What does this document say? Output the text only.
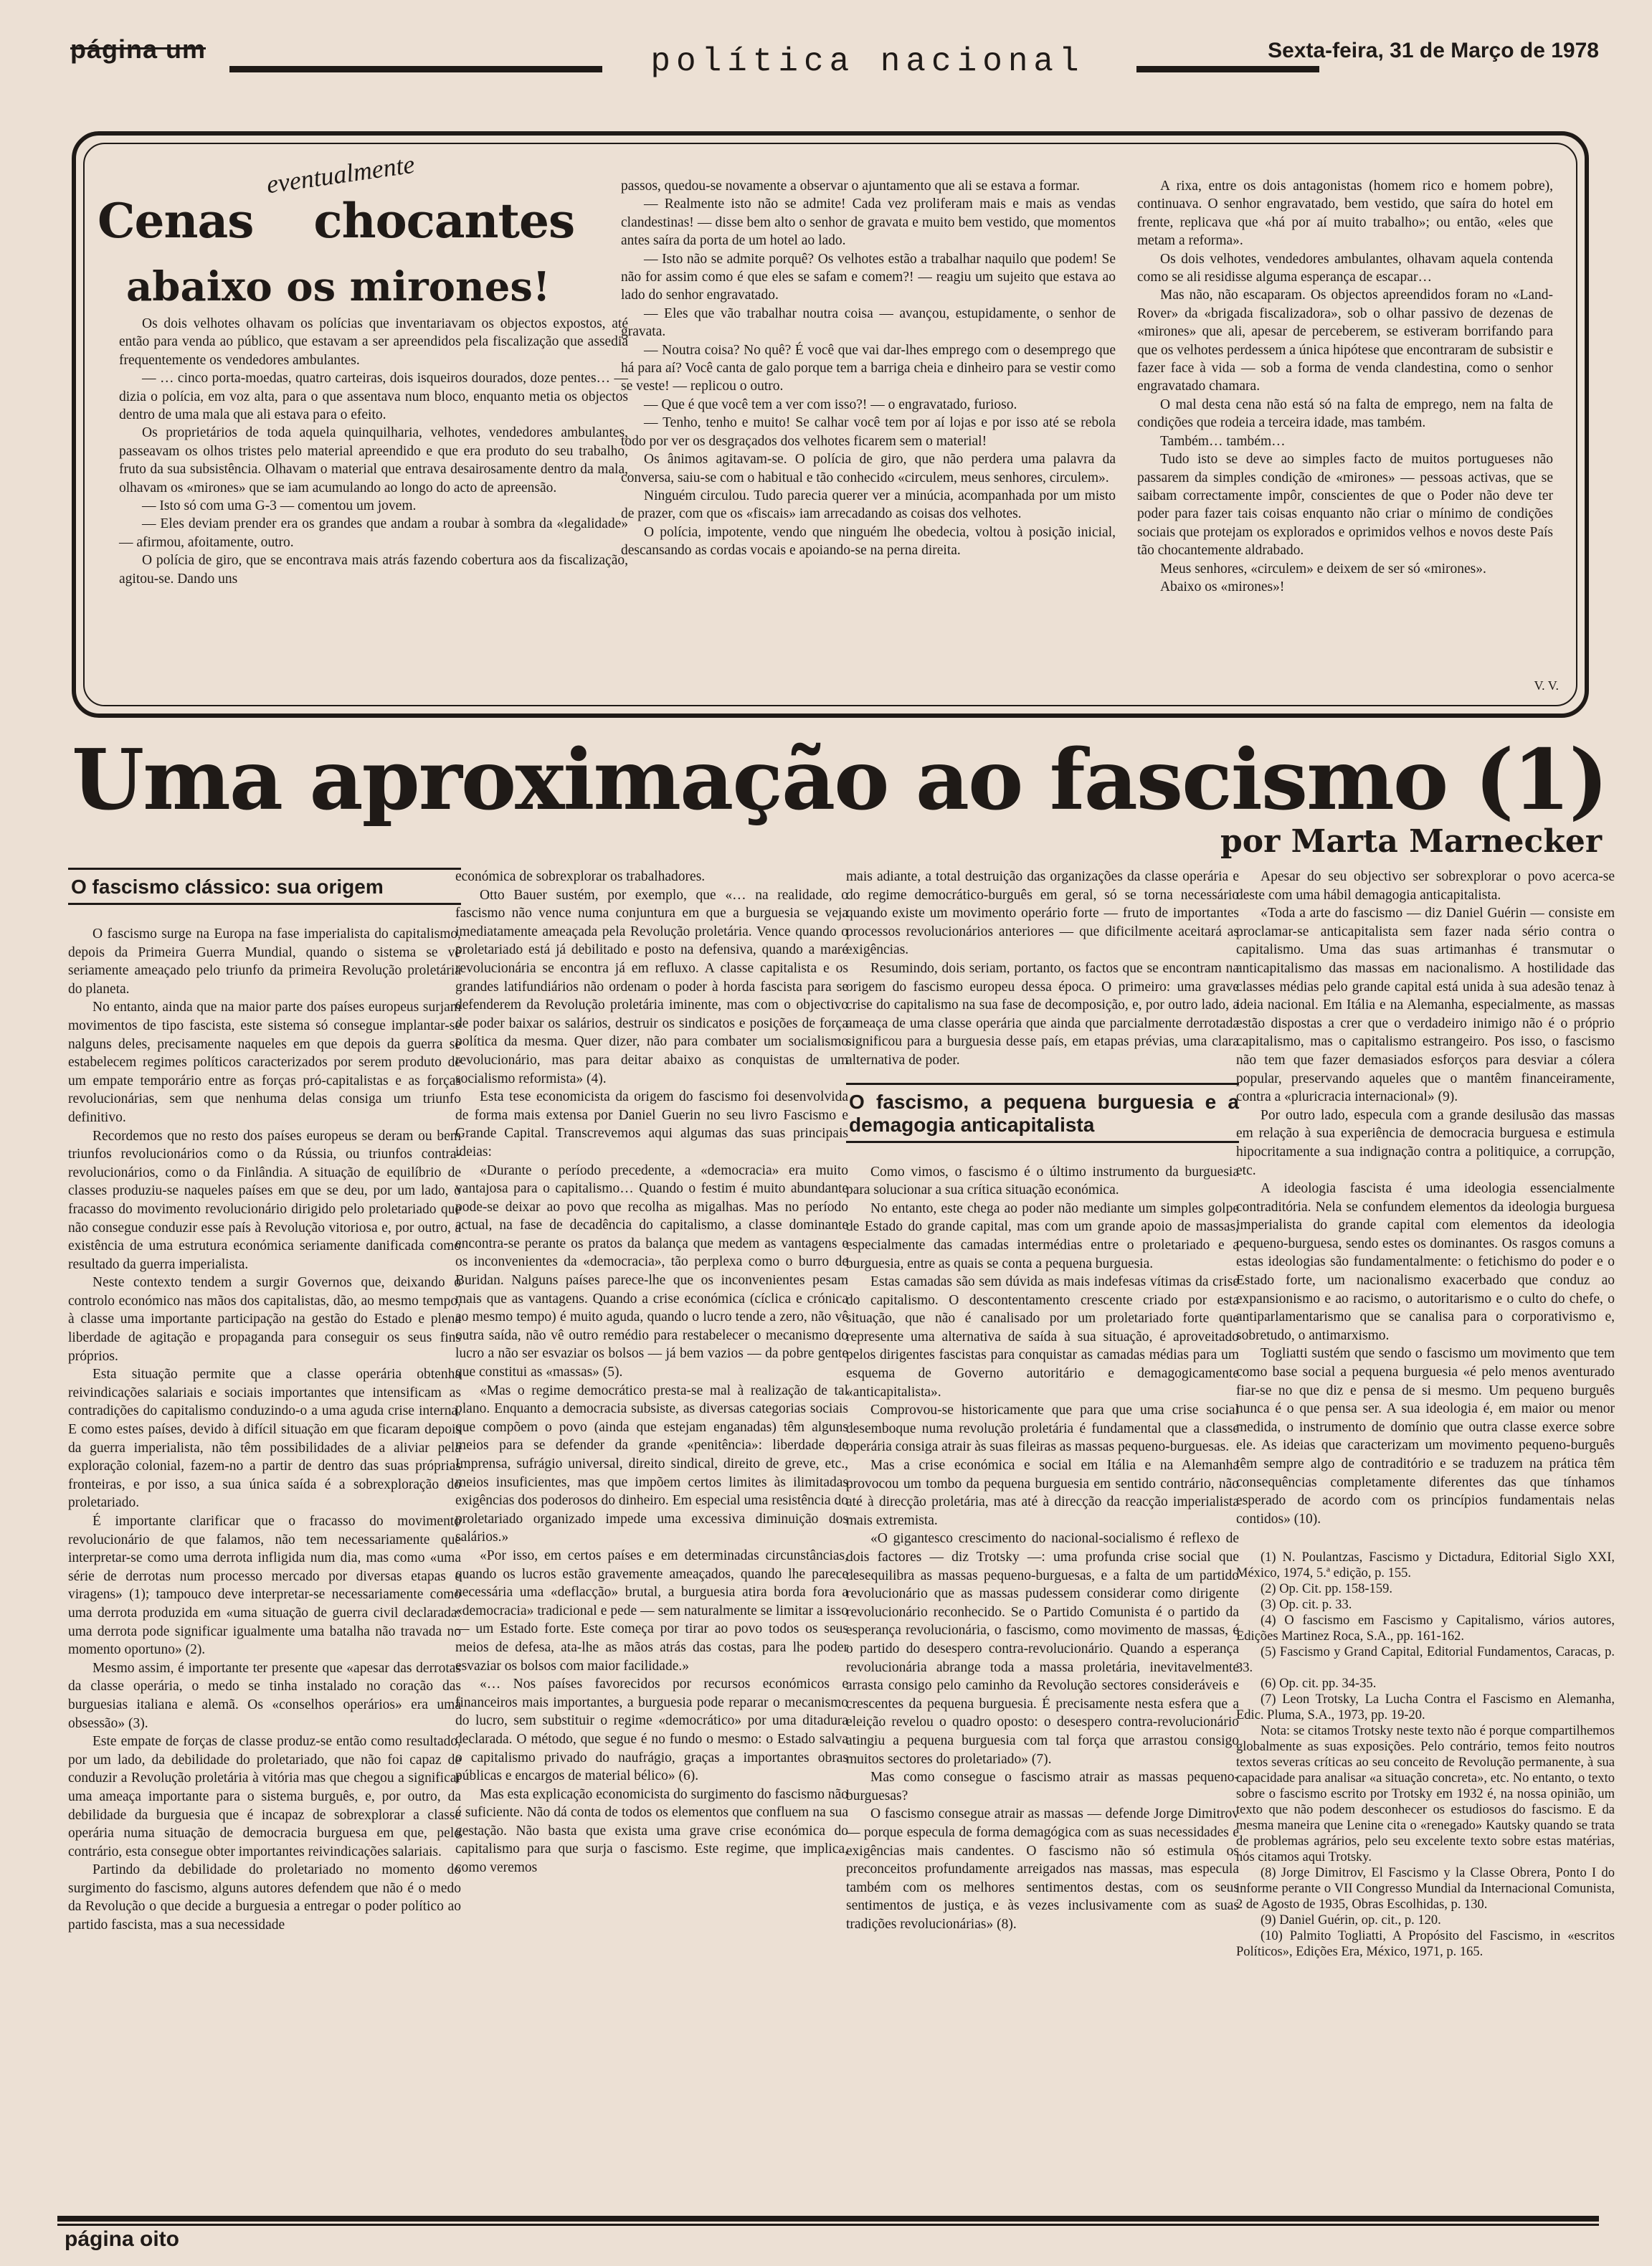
página um	política nacional	Sexta-feira, 31 de Março de 1978
eventualmente
Cenas chocantes
abaixo os mirones!

Os dois velhotes olhavam os polícias que inventariavam os objectos expostos, até então para venda ao público, que estavam a ser apreendidos pela fiscalização que assedia frequentemente os vendedores ambulantes.

— … cinco porta-moedas, quatro carteiras, dois isqueiros dourados, doze pentes… — dizia o polícia, em voz alta, para o que assentava num bloco, enquanto metia os objectos dentro de uma mala que ali estava para o efeito.

Os proprietários de toda aquela quinquilharia, velhotes, vendedores ambulantes, passeavam os olhos tristes pelo material apreendido e que era produto do seu trabalho, fruto da sua subsistência. Olhavam o material que entrava desairosamente dentro da mala, olhavam os «mirones» que se iam acumulando ao longo do acto de apreensão.

— Isto só com uma G-3 — comentou um jovem.

— Eles deviam prender era os grandes que andam a roubar à sombra da «legalidade» — afirmou, afoitamente, outro.

O polícia de giro, que se encontrava mais atrás fazendo cobertura aos da fiscalização, agitou-se. Dando uns

passos, quedou-se novamente a observar o ajuntamento que ali se estava a formar.

— Realmente isto não se admite! Cada vez proliferam mais e mais as vendas clandestinas! — disse bem alto o senhor de gravata e muito bem vestido, que momentos antes saíra da porta de um hotel ao lado.

— Isto não se admite porquê? Os velhotes estão a trabalhar naquilo que podem! Se não for assim como é que eles se safam e comem?! — reagiu um sujeito que estava ao lado do senhor engravatado.

— Eles que vão trabalhar noutra coisa — avançou, estupidamente, o senhor de gravata.

— Noutra coisa? No quê? É você que vai dar-lhes emprego com o desemprego que há para aí? Você canta de galo porque tem a barriga cheia e dinheiro para se vestir como se veste! — replicou o outro.

— Que é que você tem a ver com isso?! — o engravatado, furioso.

— Tenho, tenho e muito! Se calhar você tem por aí lojas e por isso até se rebola todo por ver os desgraçados dos velhotes ficarem sem o material!

Os ânimos agitavam-se. O polícia de giro, que não perdera uma palavra da conversa, saiu-se com o habitual e tão conhecido «circulem, meus senhores, circulem».

Ninguém circulou. Tudo parecia querer ver a minúcia, acompanhada por um misto de prazer, com que os «fiscais» iam arrecadando as coisas dos velhotes.

O polícia, impotente, vendo que ninguém lhe obedecia, voltou à posição inicial, descansando as cordas vocais e apoiando-se na perna direita.

A rixa, entre os dois antagonistas (homem rico e homem pobre), continuava. O senhor engravatado, bem vestido, que saíra do hotel em frente, replicava que «há por aí muito trabalho»; ou então, «eles que metam a reforma».

Os dois velhotes, vendedores ambulantes, olhavam aquela contenda como se ali residisse alguma esperança de escapar…

Mas não, não escaparam. Os objectos apreendidos foram no «Land-Rover» da «brigada fiscalizadora», sob o olhar passivo de dezenas de «mirones» que ali, apesar de perceberem, se estiveram borrifando para que os velhotes perdessem a única hipótese que encontraram de subsistir e fazer face à vida — sob a forma de venda clandestina, como o senhor engravatado chamara.

O mal desta cena não está só na falta de emprego, nem na falta de condições que rodeia a terceira idade, mas também.

Também… também…

Tudo isto se deve ao simples facto de muitos portugueses não passarem da simples condição de «mirones» — pessoas activas, que se saibam correctamente impôr, conscientes de que o Poder não deve ter poder para fazer tais coisas enquanto não criar o mínimo de condições sociais que protejam os explorados e oprimidos velhos e novos deste País tão chocantemente aldrabado.

Meus senhores, «circulem» e deixem de ser só «mirones».

Abaixo os «mirones»!

V. V.
Uma aproximação ao fascismo (1)
por Marta Marnecker
O fascismo clássico: sua origem

O fascismo surge na Europa na fase imperialista do capitalismo, depois da Primeira Guerra Mundial, quando o sistema se vê seriamente ameaçado pelo triunfo da primeira Revolução proletária do planeta.

No entanto, ainda que na maior parte dos países europeus surjam movimentos de tipo fascista, este sistema só consegue implantar-se nalguns deles, precisamente naqueles em que depois da guerra se estabelecem regimes políticos caracterizados por serem produto de um empate temporário entre as forças pró-capitalistas e as forças revolucionárias, sem que nenhuma delas consiga um triunfo definitivo.

Recordemos que no resto dos países europeus se deram ou bem triunfos revolucionários como o da Rússia, ou triunfos contra-revolucionários, como o da Finlândia. A situação de equilíbrio de classes produziu-se naqueles países em que se deu, por um lado, o fracasso do movimento revolucionário dirigido pelo proletariado que não consegue conduzir esse país à Revolução vitoriosa e, por outro, a existência de uma estrutura económica seriamente danificada como resultado da guerra imperialista.

Neste contexto tendem a surgir Governos que, deixando o controlo económico nas mãos dos capitalistas, dão, ao mesmo tempo, à classe uma importante participação na gestão do Estado e plena liberdade de agitação e propaganda para conseguir os seus fins próprios.

Esta situação permite que a classe operária obtenha reivindicações salariais e sociais importantes que intensificam as contradições do capitalismo conduzindo-o a uma aguda crise interna. E como estes países, devido à difícil situação em que ficaram depois da guerra imperialista, não têm possibilidades de a aliviar pela exploração colonial, fazem-no a partir de dentro das suas próprias fronteiras, e por isso, a sua única saída é a sobrexploração do proletariado.

É importante clarificar que o fracasso do movimento revolucionário de que falamos, não tem necessariamente que interpretar-se como uma derrota infligida num dia, mas como «uma série de derrotas num processo mercado por diversas etapas e viragens» (1); tampouco deve interpretar-se necessariamente como uma derrota produzida em «uma situação de guerra civil declarada: uma derrota pode significar igualmente uma batalha não travada no momento oportuno» (2).

Mesmo assim, é importante ter presente que «apesar das derrotas da classe operária, o medo se tinha instalado no coração das burguesias italiana e alemã. Os «conselhos operários» era uma obsessão» (3).

Este empate de forças de classe produz-se então como resultado, por um lado, da debilidade do proletariado, que não foi capaz de conduzir a Revolução proletária à vitória mas que chegou a significar uma ameaça importante para o sistema burguês, e, por outro, da debilidade da burguesia que é incapaz de sobrexplorar a classe operária numa situação de democracia burguesa em que, pelo contrário, esta consegue obter importantes reivindicações salariais.

Partindo da debilidade do proletariado no momento do surgimento do fascismo, alguns autores defendem que não é o medo da Revolução o que decide a burguesia a entregar o poder político ao partido fascista, mas a sua necessidade

económica de sobrexplorar os trabalhadores.

Otto Bauer sustém, por exemplo, que «… na realidade, o fascismo não vence numa conjuntura em que a burguesia se veja imediatamente ameaçada pela Revolução proletária. Vence quando o proletariado está já debilitado e posto na defensiva, quando a maré revolucionária se encontra já em refluxo. A classe capitalista e os grandes latifundiários não ordenam o poder à horda fascista para se defenderem da Revolução proletária iminente, mas com o objectivo de poder baixar os salários, destruir os sindicatos e posições de força política da mesma. Quer dizer, não para combater um socialismo revolucionário, mas para deitar abaixo as conquistas de um socialismo reformista» (4).

Esta tese economicista da origem do fascismo foi desenvolvida de forma mais extensa por Daniel Guerin no seu livro Fascismo e Grande Capital. Transcrevemos aqui algumas das suas principais ideias:

«Durante o período precedente, a «democracia» era muito vantajosa para o capitalismo… Quando o festim é muito abundante pode-se deixar ao povo que recolha as migalhas. Mas no período actual, na fase de decadência do capitalismo, a classe dominante encontra-se perante os pratos da balança que medem as vantagens e os inconvenientes da «democracia», tão perplexa como o burro de Buridan. Nalguns países parece-lhe que os inconvenientes pesam mais que as vantagens. Quando a crise económica (cíclica e crónica ao mesmo tempo) é muito aguda, quando o lucro tende a zero, não vê outra saída, não vê outro remédio para restabelecer o mecanismo do lucro a não ser esvaziar os bolsos — já bem vazios — da pobre gente que constitui as «massas» (5).

«Mas o regime democrático presta-se mal à realização de tal plano. Enquanto a democracia subsiste, as diversas categorias sociais que compõem o povo (ainda que estejam enganadas) têm alguns meios para se defender da grande «penitência»: liberdade de Imprensa, sufrágio universal, direito sindical, direito de greve, etc., meios insuficientes, mas que impõem certos limites às ilimitadas exigências dos poderosos do dinheiro. Em especial uma resistência do proletariado organizado impede uma excessiva diminuição dos salários.»

«Por isso, em certos países e em determinadas circunstâncias, quando os lucros estão gravemente ameaçados, quando lhe parece necessária uma «deflacção» brutal, a burguesia atira borda fora a «democracia» tradicional e pede — sem naturalmente se limitar a isso — um Estado forte. Este começa por tirar ao povo todos os seus meios de defesa, ata-lhe as mãos atrás das costas, para lhe poder esvaziar os bolsos com maior facilidade.»

«… Nos países favorecidos por recursos económicos e financeiros mais importantes, a burguesia pode reparar o mecanismo do lucro, sem substituir o regime «democrático» por uma ditadura declarada. O método, que segue é no fundo o mesmo: o Estado salva o capitalismo privado do naufrágio, graças a importantes obras públicas e encargos de material bélico» (6).

Mas esta explicação economicista do surgimento do fascismo não é suficiente. Não dá conta de todos os elementos que confluem na sua gestação. Não basta que exista uma grave crise económica do capitalismo para que surja o fascismo. Este regime, que implica, como veremos

mais adiante, a total destruição das organizações da classe operária e do regime democrático-burguês em geral, só se torna necessário quando existe um movimento operário forte — fruto de importantes processos revolucionários anteriores — que dificilmente aceitará as exigências.

Resumindo, dois seriam, portanto, os factos que se encontram na origem do fascismo europeu dessa época. O primeiro: uma grave crise do capitalismo na sua fase de decomposição, e, por outro lado, a ameaça de uma classe operária que ainda que parcialmente derrotada significou para a burguesia desse país, em etapas prévias, uma clara alternativa de poder.

O fascismo, a pequena burguesia e a demagogia anticapitalista

Como vimos, o fascismo é o último instrumento da burguesia para solucionar a sua crítica situação económica.

No entanto, este chega ao poder não mediante um simples golpe de Estado do grande capital, mas com um grande apoio de massas, especialmente das camadas intermédias entre o proletariado e a burguesia, entre as quais se conta a pequena burguesia.

Estas camadas são sem dúvida as mais indefesas vítimas da crise do capitalismo. O descontentamento crescente criado por esta situação, que não é canalisado por um proletariado forte que represente uma alternativa de saída à sua situação, é aproveitado pelos dirigentes fascistas para conquistar as camadas médias para um esquema de Governo autoritário e demagogicamente «anticapitalista».

Comprovou-se historicamente que para que uma crise social desemboque numa revolução proletária é fundamental que a classe operária consiga atrair às suas fileiras as massas pequeno-burguesas.

Mas a crise económica e social em Itália e na Alemanha provocou um tombo da pequena burguesia em sentido contrário, não até à direcção proletária, mas até à direcção da reacção imperialista mais extremista.

«O gigantesco crescimento do nacional-socialismo é reflexo de dois factores — diz Trotsky —: uma profunda crise social que desequilibra as massas pequeno-burguesas, e a falta de um partido revolucionário que as massas pudessem considerar como dirigente revolucionário reconhecido. Se o Partido Comunista é o partido da esperança revolucionária, o fascismo, como movimento de massas, é o partido do desespero contra-revolucionário. Quando a esperança revolucionária abrange toda a massa proletária, inevitavelmente arrasta consigo pelo caminho da Revolução sectores consideráveis e crescentes da pequena burguesia. É precisamente nesta esfera que a eleição revelou o quadro oposto: o desespero contra-revolucionário atingiu a pequena burguesia com tal força que arrastou consigo muitos sectores do proletariado» (7).

Mas como consegue o fascismo atrair as massas pequeno-burguesas?

O fascismo consegue atrair as massas — defende Jorge Dimitrov — porque especula de forma demagógica com as suas necessidades e exigências mais candentes. O fascismo não só estimula os preconceitos profundamente arreigados nas massas, mas especula também com os melhores sentimentos destas, com os seus sentimentos de justiça, e às vezes inclusivamente com as suas tradições revolucionárias» (8).

Apesar do seu objectivo ser sobrexplorar o povo acerca-se deste com uma hábil demagogia anticapitalista.

«Toda a arte do fascismo — diz Daniel Guérin — consiste em proclamar-se anticapitalista sem fazer nada sério contra o capitalismo. Uma das suas artimanhas é transmutar o anticapitalismo das massas em nacionalismo. A hostilidade das classes médias pelo grande capital está unida à sua adesão tenaz à ideia nacional. Em Itália e na Alemanha, especialmente, as massas estão dispostas a crer que o verdadeiro inimigo não é o próprio capitalismo, mas o capitalismo estrangeiro. Pos isso, o fascismo não tem que fazer demasiados esforços para desviar a cólera popular, preservando aqueles que o mantêm financeiramente, contra a «pluricracia internacional» (9).

Por outro lado, especula com a grande desilusão das massas em relação à sua experiência de democracia burguesa e estimula hipocritamente a sua indignação contra a politiquice, a corrupção, etc.

A ideologia fascista é uma ideologia essencialmente contraditória. Nela se confundem elementos da ideologia burguesa imperialista do grande capital com elementos da ideologia pequeno-burguesa, sendo estes os dominantes. Os rasgos comuns a estas ideologias são fundamentalmente: o fetichismo do poder e o Estado forte, um nacionalismo exacerbado que conduz ao expansionismo e ao racismo, o autoritarismo e o culto do chefe, o antiparlamentarismo que se canalisa para o corporativismo e, sobretudo, o antimarxismo.

Togliatti sustém que sendo o fascismo um movimento que tem como base social a pequena burguesia «é pelo menos aventurado fiar-se no que diz e pensa de si mesmo. Um pequeno burguês nunca é o que pensa ser. A sua ideologia é, em maior ou menor medida, o instrumento de domínio que outra classe exerce sobre ele. As ideias que caracterizam um movimento pequeno-burguês têm sempre algo de contraditório e se traduzem na prática têm consequências completamente diferentes das que tínhamos esperado de acordo com os princípios fundamentais nelas contidos» (10).

(1) N. Poulantzas, Fascismo y Dictadura, Editorial Siglo XXI, México, 1974, 5.ª edição, p. 155.

(2) Op. Cit. pp. 158-159.

(3) Op. cit. p. 33.

(4) O fascismo em Fascismo y Capitalismo, vários autores, Edições Martinez Roca, S.A., pp. 161-162.

(5) Fascismo y Grand Capital, Editorial Fundamentos, Caracas, p. 33.

(6) Op. cit. pp. 34-35.

(7) Leon Trotsky, La Lucha Contra el Fascismo en Alemanha, Edic. Pluma, S.A., 1973, pp. 19-20.

Nota: se citamos Trotsky neste texto não é porque compartilhemos globalmente as suas exposições. Pelo contrário, temos feito noutros textos severas críticas ao seu conceito de Revolução permanente, à sua capacidade para analisar «a situação concreta», etc. No entanto, o texto sobre o fascismo escrito por Trotsky em 1932 é, na nossa opinião, um texto que não podem desconhecer os estudiosos do fascismo. E da mesma maneira que Lenine cita o «renegado» Kautsky quando se trata de problemas agrários, pelo seu excelente texto sobre estas matérias, nós citamos aqui Trotsky.

(8) Jorge Dimitrov, El Fascismo y la Classe Obrera, Ponto I do informe perante o VII Congresso Mundial da Internacional Comunista, 2 de Agosto de 1935, Obras Escolhidas, p. 130.

(9) Daniel Guérin, op. cit., p. 120.

(10) Palmito Togliatti, A Propósito del Fascismo, in «escritos Políticos», Edições Era, México, 1971, p. 165.

página oito
